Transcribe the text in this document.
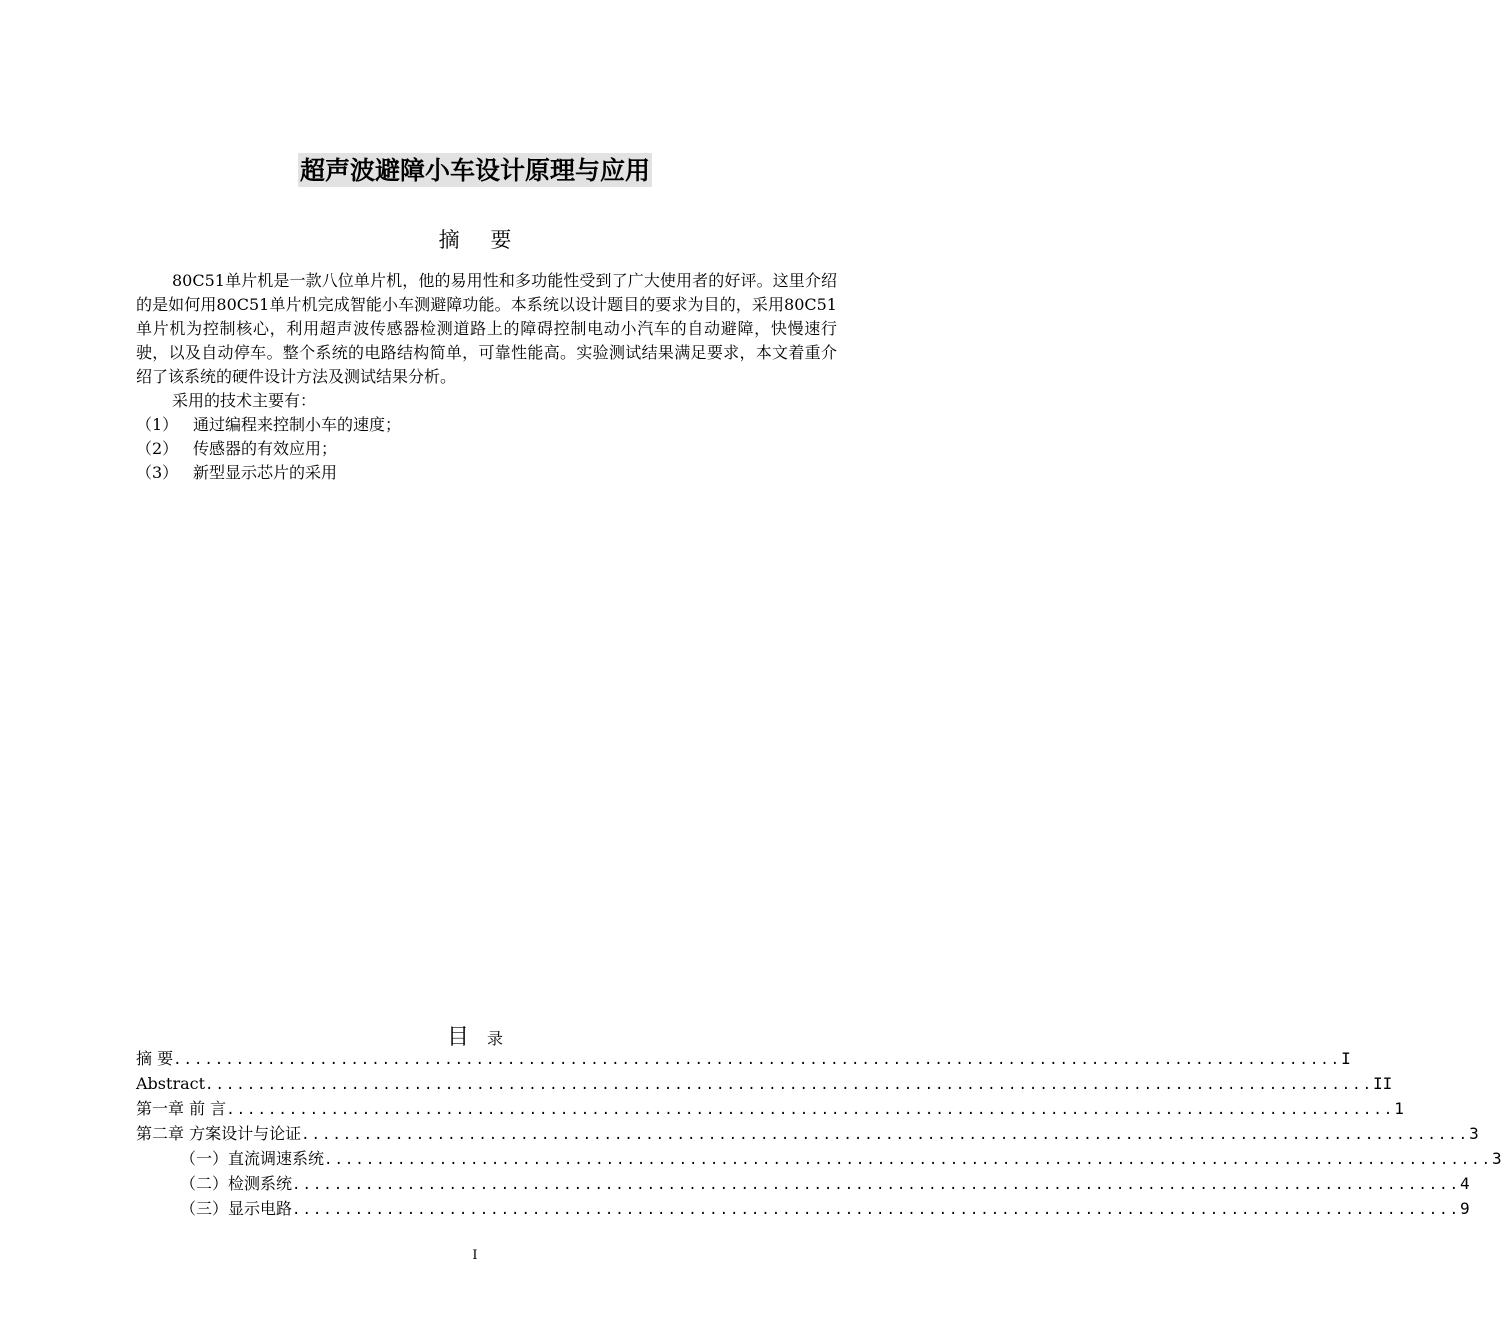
超声波避障小车设计原理与应用
摘 要

80C51单片机是一款八位单片机，他的易用性和多功能性受到了广大使用者的好评。这里介绍的是如何用80C51单片机完成智能小车测避障功能。本系统以设计题目的要求为目的，采用80C51单片机为控制核心，利用超声波传感器检测道路上的障碍控制电动小汽车的自动避障，快慢速行驶，以及自动停车。整个系统的电路结构简单，可靠性能高。实验测试结果满足要求，本文着重介绍了该系统的硬件设计方法及测试结果分析。

采用的技术主要有：

（1） 通过编程来控制小车的速度；
（2） 传感器的有效应用；
（3） 新型显示芯片的采用
目 录
摘 要 ................................................................................................................ I
Abstract ................................................................................................................ II
第一章 前 言 ................................................................................................................ 1
第二章 方案设计与论证 ................................................................................................................ 3
（一）直流调速系统 ................................................................................................................ 3
（二）检测系统 ................................................................................................................ 4
（三）显示电路 ................................................................................................................ 9
I
